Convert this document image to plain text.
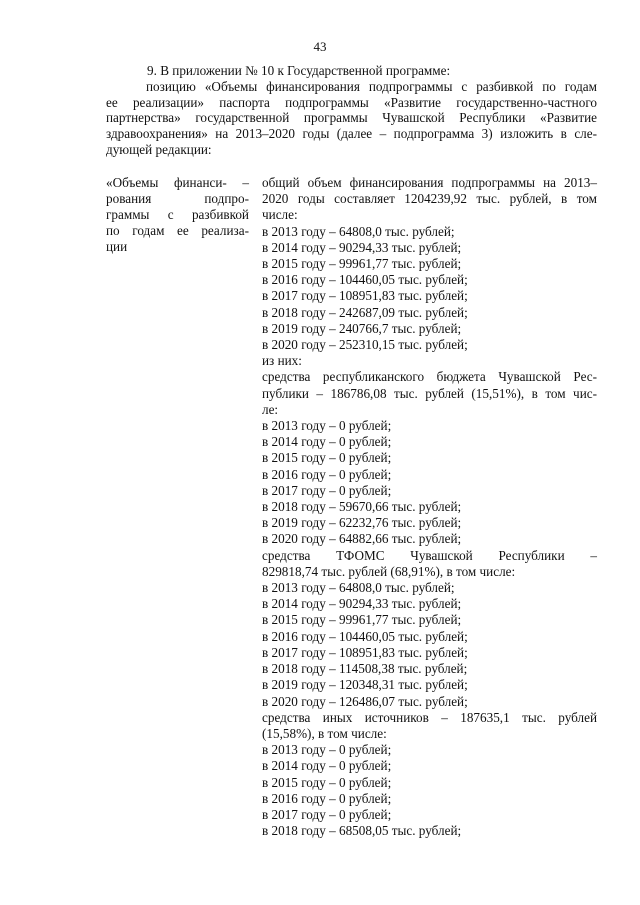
43
9. В приложении № 10 к Государственной программе:

позицию «Объемы финансирования подпрограммы с разбивкой по годам
ее реализации» паспорта подпрограммы «Развитие государственно-частного
партнерства» государственной программы Чувашской Республики «Развитие
здравоохранения» на 2013–2020 годы (далее – подпрограмма 3) изложить в сле-
дующей редакции:

«Объемы финанси- –
рования подпро-
граммы с разбивкой
по годам ее реализа-
ции
общий объем финансирования подпрограммы на 2013–
2020 годы составляет 1204239,92 тыс. рублей, в том
числе:
в 2013 году – 64808,0 тыс. рублей;
в 2014 году – 90294,33 тыс. рублей;
в 2015 году – 99961,77 тыс. рублей;
в 2016 году – 104460,05 тыс. рублей;
в 2017 году – 108951,83 тыс. рублей;
в 2018 году – 242687,09 тыс. рублей;
в 2019 году – 240766,7 тыс. рублей;
в 2020 году – 252310,15 тыс. рублей;
из них:
средства республиканского бюджета Чувашской Рес-
публики – 186786,08 тыс. рублей (15,51%), в том чис-
ле:
в 2013 году – 0 рублей;
в 2014 году – 0 рублей;
в 2015 году – 0 рублей;
в 2016 году – 0 рублей;
в 2017 году – 0 рублей;
в 2018 году – 59670,66 тыс. рублей;
в 2019 году – 62232,76 тыс. рублей;
в 2020 году – 64882,66 тыс. рублей;
средства ТФОМС Чувашской Республики –
829818,74 тыс. рублей (68,91%), в том числе:
в 2013 году – 64808,0 тыс. рублей;
в 2014 году – 90294,33 тыс. рублей;
в 2015 году – 99961,77 тыс. рублей;
в 2016 году – 104460,05 тыс. рублей;
в 2017 году – 108951,83 тыс. рублей;
в 2018 году – 114508,38 тыс. рублей;
в 2019 году – 120348,31 тыс. рублей;
в 2020 году – 126486,07 тыс. рублей;
средства иных источников – 187635,1 тыс. рублей
(15,58%), в том числе:
в 2013 году – 0 рублей;
в 2014 году – 0 рублей;
в 2015 году – 0 рублей;
в 2016 году – 0 рублей;
в 2017 году – 0 рублей;
в 2018 году – 68508,05 тыс. рублей;
